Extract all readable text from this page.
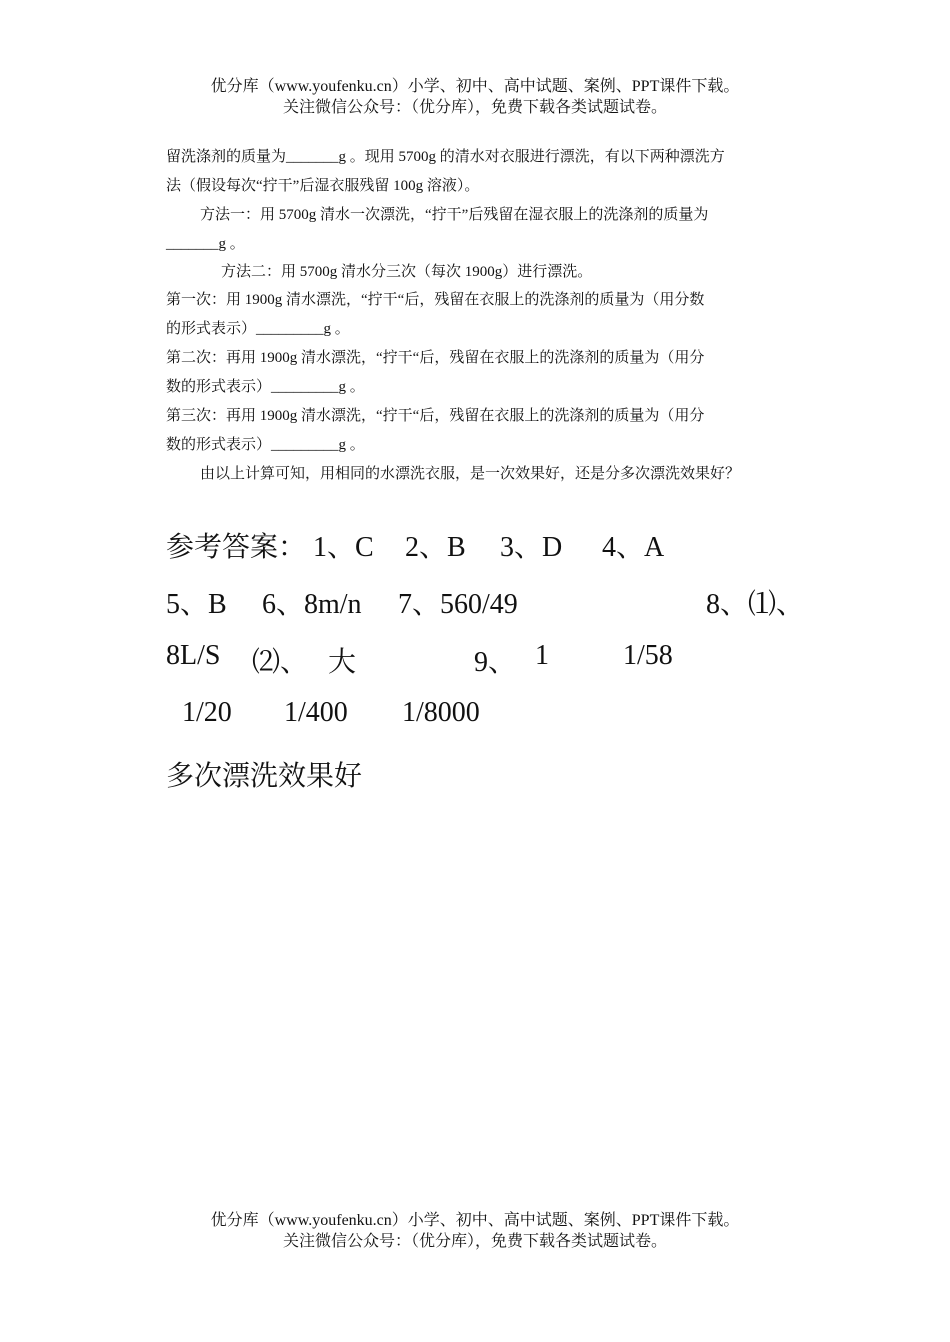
优分库（www.youfenku.cn）小学、初中、高中试题、案例、PPT课件下载。
关注微信公众号：（优分库），免费下载各类试题试卷。
留洗涤剂的质量为_______g 。现用 5700g 的清水对衣服进行漂洗，有以下两种漂洗方
法（假设每次“拧干”后湿衣服残留 100g 溶液）。
方法一：用 5700g 清水一次漂洗，“拧干”后残留在湿衣服上的洗涤剂的质量为
_______g 。
方法二：用 5700g 清水分三次（每次 1900g）进行漂洗。
第一次：用 1900g 清水漂洗，“拧干“后，残留在衣服上的洗涤剂的质量为（用分数
的形式表示）_________g 。
第二次：再用 1900g 清水漂洗，“拧干“后，残留在衣服上的洗涤剂的质量为（用分
数的形式表示）_________g 。
第三次：再用 1900g 清水漂洗，“拧干“后，残留在衣服上的洗涤剂的质量为（用分
数的形式表示）_________g 。
由以上计算可知，用相同的水漂洗衣服，是一次效果好，还是分多次漂洗效果好？
参考答案： 1、C 2、B 3、D 4、A
5、B 6、8m/n 7、560/49	8、⑴、
8L/S ⑵、 大	9、 1	1/58
1/20 1/400 1/8000
多次漂洗效果好
优分库（www.youfenku.cn）小学、初中、高中试题、案例、PPT课件下载。
关注微信公众号：（优分库），免费下载各类试题试卷。
